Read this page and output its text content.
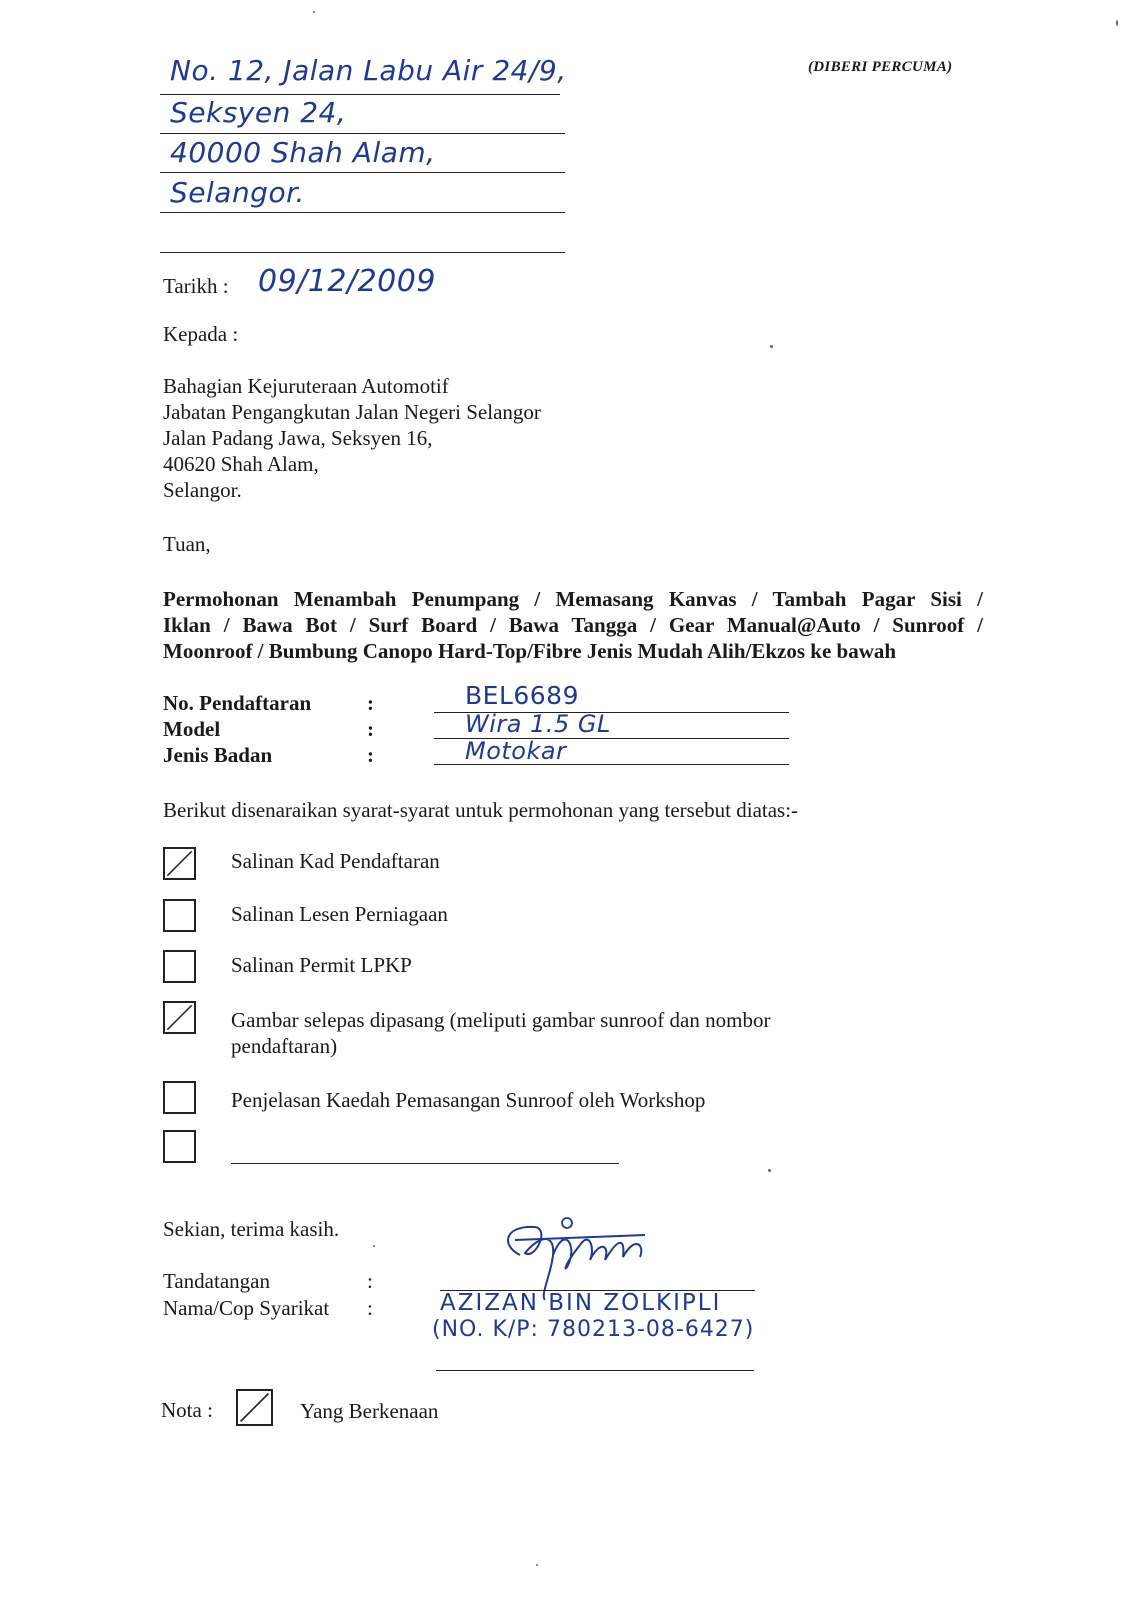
(DIBERI PERCUMA)
No. 12, Jalan Labu Air 24/9,
Seksyen 24,
40000 Shah Alam,
Selangor.
Tarikh : 09/12/2009
Kepada :
Bahagian Kejuruteraan Automotif
Jabatan Pengangkutan Jalan Negeri Selangor
Jalan Padang Jawa, Seksyen 16,
40620 Shah Alam,
Selangor.
Tuan,
Permohonan Menambah Penumpang / Memasang Kanvas / Tambah Pagar Sisi /
Iklan / Bawa Bot / Surf Board / Bawa Tangga / Gear Manual@Auto / Sunroof /
Moonroof / Bumbung Canopo Hard-Top/Fibre Jenis Mudah Alih/Ekzos ke bawah
No. Pendaftaran	:	BEL6689
Model	:	Wira 1.5 GL
Jenis Badan	:	Motokar
Berikut disenaraikan syarat-syarat untuk permohonan yang tersebut diatas:-
Salinan Kad Pendaftaran
Salinan Lesen Perniagaan
Salinan Permit LPKP
Gambar selepas dipasang (meliputi gambar sunroof dan nombor
pendaftaran)
Penjelasan Kaedah Pemasangan Sunroof oleh Workshop
Sekian, terima kasih.
Tandatangan	:
Nama/Cop Syarikat :	AZIZAN BIN ZOLKIPLI
(NO. K/P: 780213-08-6427)
Nota :	Yang Berkenaan
